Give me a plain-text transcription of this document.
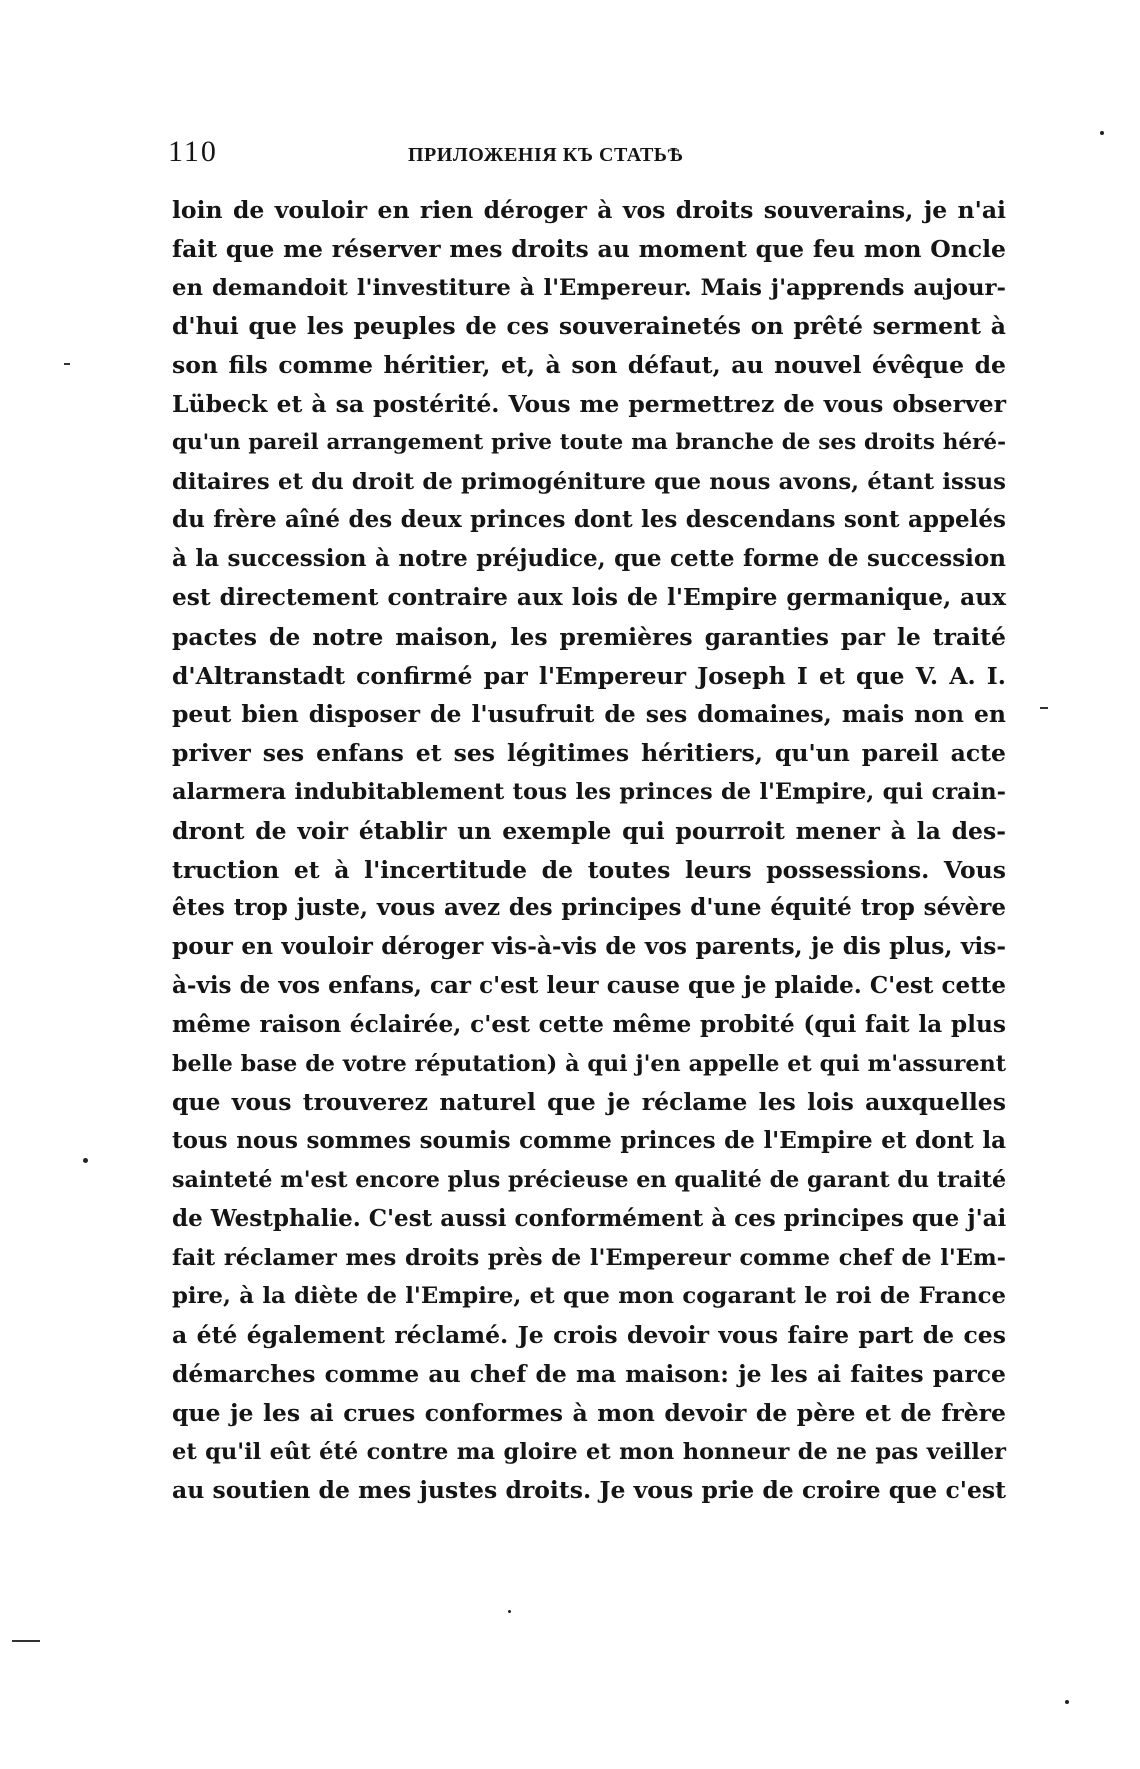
110	ПРИЛОЖЕНІЯ КЪ СТАТЬѢ
loin de vouloir en rien déroger à vos droits souverains, je n'ai
fait que me réserver mes droits au moment que feu mon Oncle
en demandoit l'investiture à l'Empereur. Mais j'apprends aujour-
d'hui que les peuples de ces souverainetés on prêté serment à
son fils comme héritier, et, à son défaut, au nouvel évêque de
Lübeck et à sa postérité. Vous me permettrez de vous observer
qu'un pareil arrangement prive toute ma branche de ses droits héré-
ditaires et du droit de primogéniture que nous avons, étant issus
du frère aîné des deux princes dont les descendans sont appelés
à la succession à notre préjudice, que cette forme de succession
est directement contraire aux lois de l'Empire germanique, aux
pactes de notre maison, les premières garanties par le traité
d'Altranstadt confirmé par l'Empereur Joseph I et que V. A. I.
peut bien disposer de l'usufruit de ses domaines, mais non en
priver ses enfans et ses légitimes héritiers, qu'un pareil acte
alarmera indubitablement tous les princes de l'Empire, qui crain-
dront de voir établir un exemple qui pourroit mener à la des-
truction et à l'incertitude de toutes leurs possessions. Vous
êtes trop juste, vous avez des principes d'une équité trop sévère
pour en vouloir déroger vis-à-vis de vos parents, je dis plus, vis-
à-vis de vos enfans, car c'est leur cause que je plaide. C'est cette
même raison éclairée, c'est cette même probité (qui fait la plus
belle base de votre réputation) à qui j'en appelle et qui m'assurent
que vous trouverez naturel que je réclame les lois auxquelles
tous nous sommes soumis comme princes de l'Empire et dont la
sainteté m'est encore plus précieuse en qualité de garant du traité
de Westphalie. C'est aussi conformément à ces principes que j'ai
fait réclamer mes droits près de l'Empereur comme chef de l'Em-
pire, à la diète de l'Empire, et que mon cogarant le roi de France
a été également réclamé. Je crois devoir vous faire part de ces
démarches comme au chef de ma maison: je les ai faites parce
que je les ai crues conformes à mon devoir de père et de frère
et qu'il eût été contre ma gloire et mon honneur de ne pas veiller
au soutien de mes justes droits. Je vous prie de croire que c'est
